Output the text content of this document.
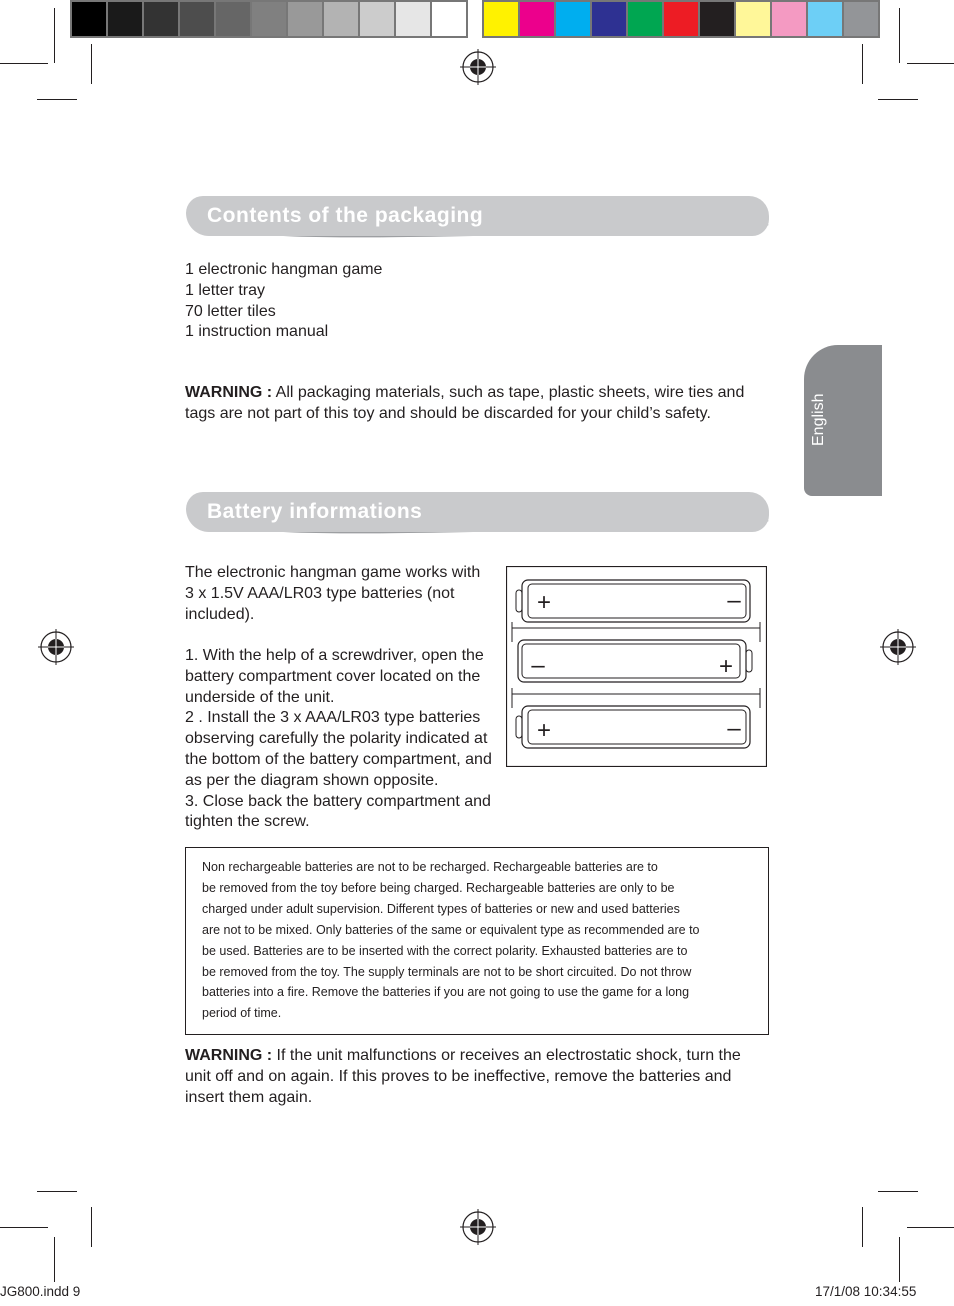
English
Contents of the packaging

1 electronic hangman game

1 letter tray

70 letter tiles

1 instruction manual

WARNING : All packaging materials, such as tape, plastic sheets, wire ties and

tags are not part of this toy and should be discarded for your child’s safety.

Battery informations

The electronic hangman game works with

3 x 1.5V AAA/LR03 type batteries (not

included).

1. With the help of a screwdriver, open the

battery compartment cover located on the

underside of the unit.

2 . Install the 3 x AAA/LR03 type batteries

observing carefully the polarity indicated at

the bottom of the battery compartment, and

as per the diagram shown opposite.

3. Close back the battery compartment and

tighten the screw.

+	–
–	+
+	–

Non rechargeable batteries are not to be recharged. Rechargeable batteries are to

be removed from the toy before being charged. Rechargeable batteries are only to be

charged under adult supervision. Different types of batteries or new and used batteries

are not to be mixed. Only batteries of the same or equivalent type as recommended are to

be used. Batteries are to be inserted with the correct polarity. Exhausted batteries are to

be removed from the toy. The supply terminals are not to be short circuited. Do not throw

batteries into a fire. Remove the batteries if you are not going to use the game for a long

period of time.

WARNING : If the unit malfunctions or receives an electrostatic shock, turn the

unit off and on again. If this proves to be ineffective, remove the batteries and

insert them again.

JG800.indd 9	17/1/08 10:34:55
